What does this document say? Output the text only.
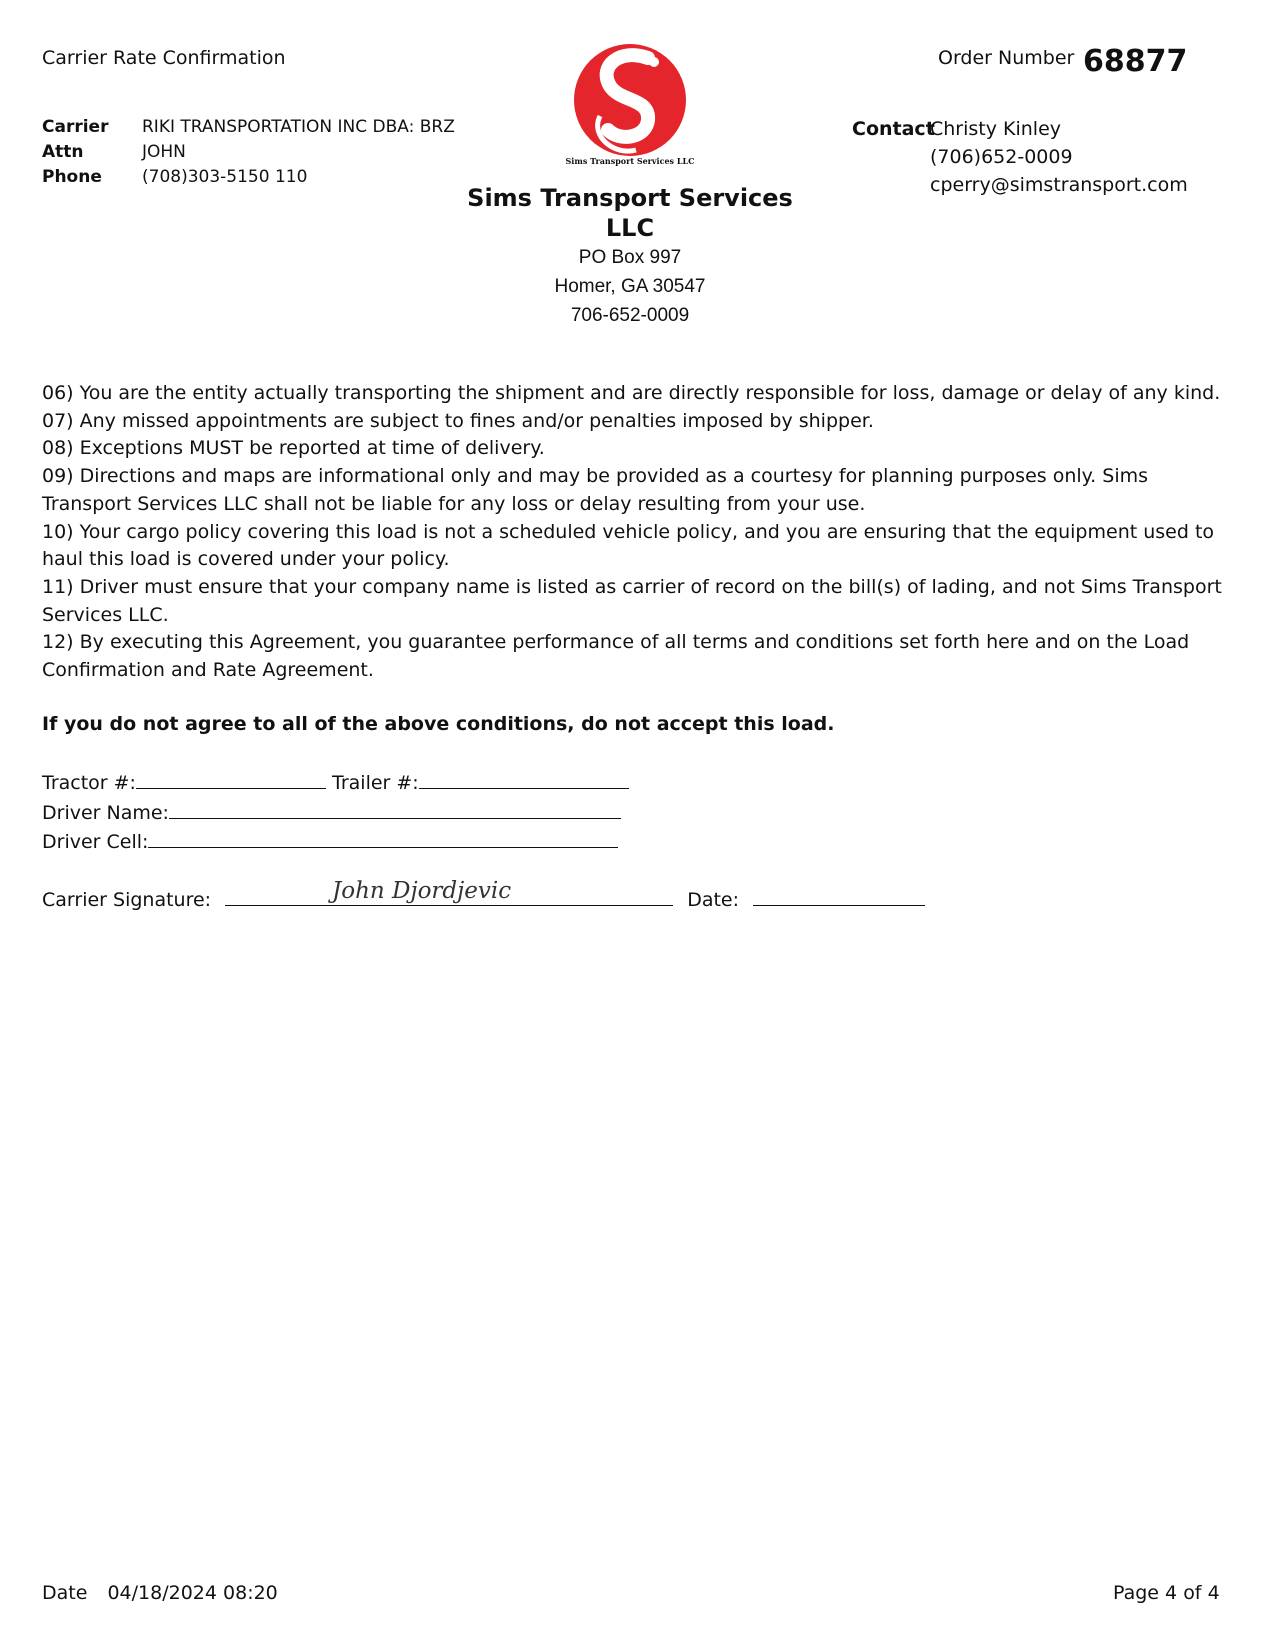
Carrier Rate Confirmation	Order Number 68877
Carrier	RIKI TRANSPORTATION INC DBA: BRZ
Attn	JOHN
Phone	(708)303-5150 110
Sims Transport Services LLC
Sims Transport Services LLC
PO Box 997
Homer, GA 30547
706-652-0009
ContactChristy Kinley
(706)652-0009
cperry@simstransport.com

06) You are the entity actually transporting the shipment and are directly responsible for loss, damage or delay of any kind.

07) Any missed appointments are subject to fines and/or penalties imposed by shipper.

08) Exceptions MUST be reported at time of delivery.

09) Directions and maps are informational only and may be provided as a courtesy for planning purposes only. Sims Transport Services LLC shall not be liable for any loss or delay resulting from your use.

10) Your cargo policy covering this load is not a scheduled vehicle policy, and you are ensuring that the equipment used to haul this load is covered under your policy.

11) Driver must ensure that your company name is listed as carrier of record on the bill(s) of lading, and not Sims Transport Services LLC.

12) By executing this Agreement, you guarantee performance of all terms and conditions set forth here and on the Load Confirmation and Rate Agreement.

If you do not agree to all of the above conditions, do not accept this load.
Tractor #:	Trailer #:
Driver Name:
Driver Cell:
Carrier Signature:	Date:
John Djordjevic
Date 04/18/2024 08:20	Page 4 of 4
